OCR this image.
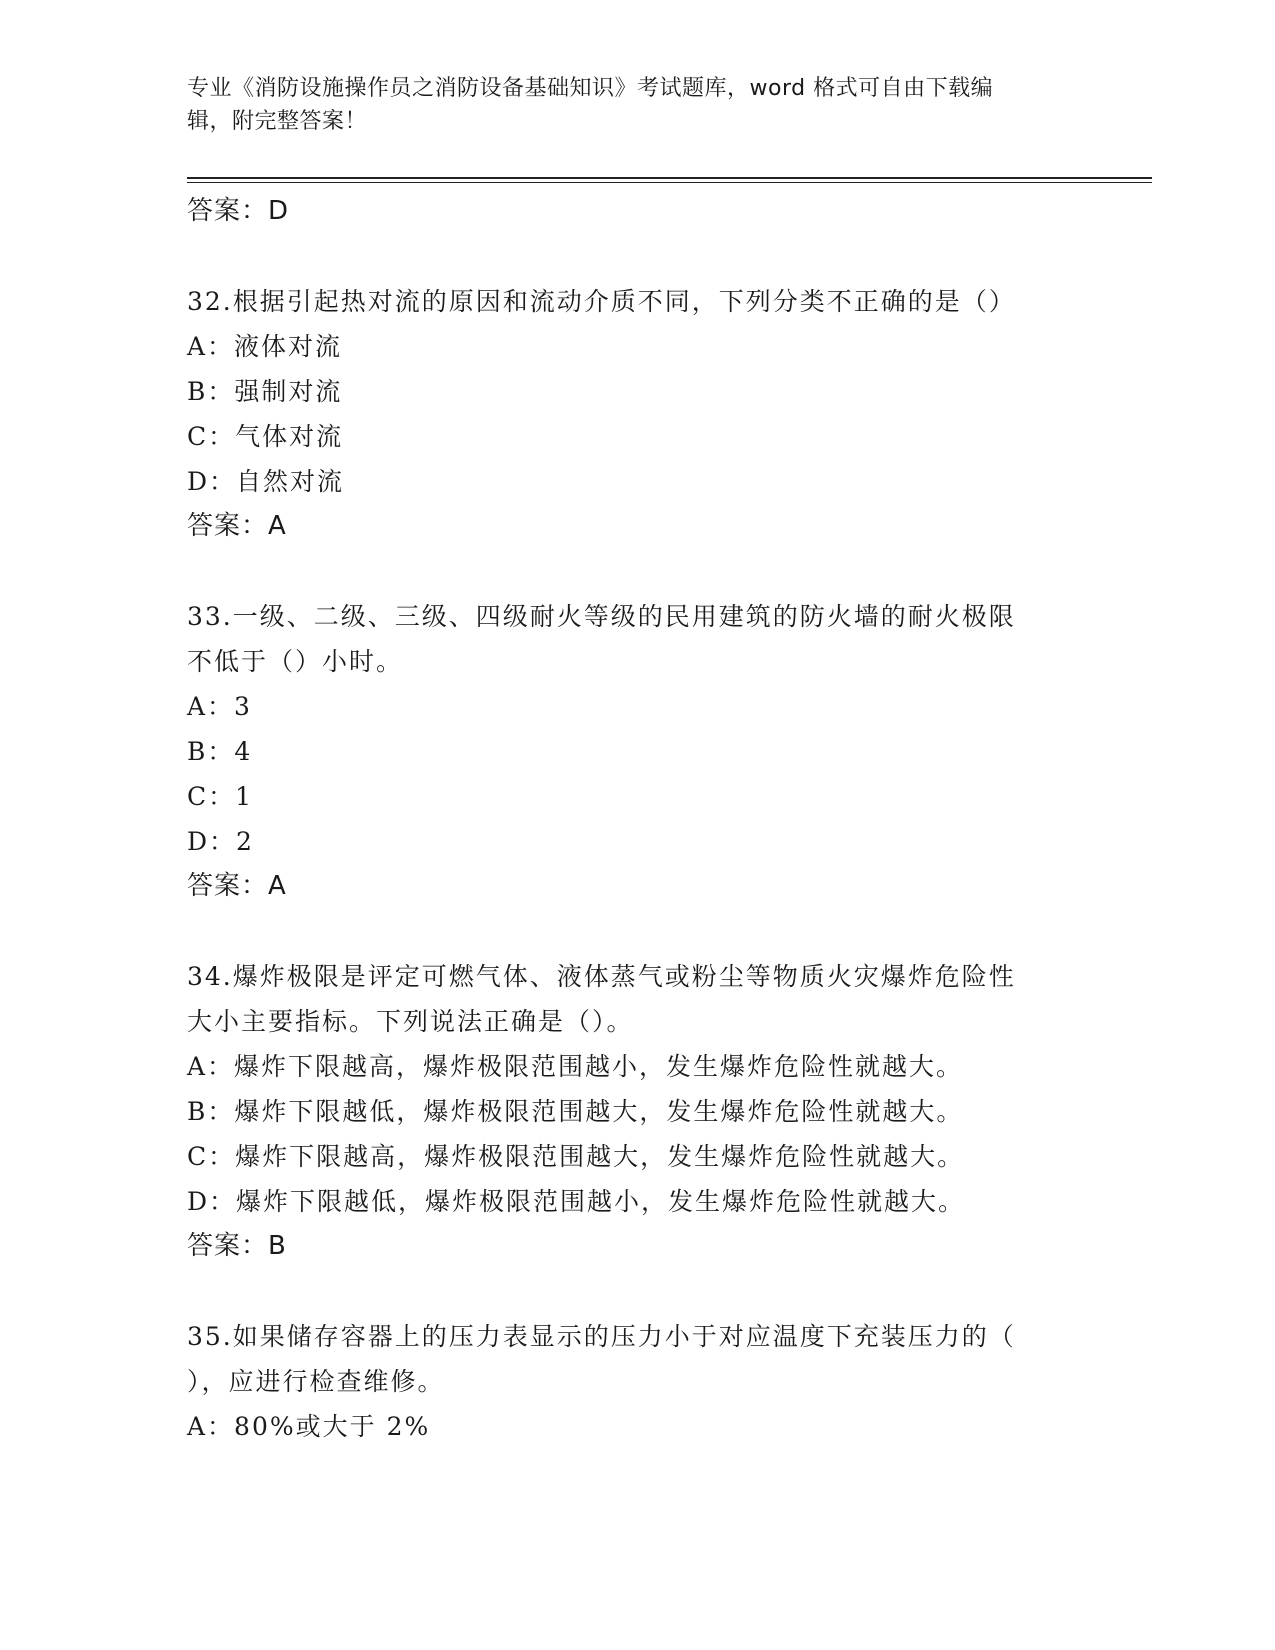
专业《消防设施操作员之消防设备基础知识》考试题库，word 格式可自由下载编
辑，附完整答案！
答案：D
32.根据引起热对流的原因和流动介质不同，下列分类不正确的是（）
A：液体对流
B：强制对流
C：气体对流
D：自然对流
答案：A
33.一级、二级、三级、四级耐火等级的民用建筑的防火墙的耐火极限
不低于（）小时。
A：3
B：4
C：1
D：2
答案：A
34.爆炸极限是评定可燃气体、液体蒸气或粉尘等物质火灾爆炸危险性
大小主要指标。下列说法正确是（）。
A：爆炸下限越高，爆炸极限范围越小，发生爆炸危险性就越大。
B：爆炸下限越低，爆炸极限范围越大，发生爆炸危险性就越大。
C：爆炸下限越高，爆炸极限范围越大，发生爆炸危险性就越大。
D：爆炸下限越低，爆炸极限范围越小，发生爆炸危险性就越大。
答案：B
35.如果储存容器上的压力表显示的压力小于对应温度下充装压力的（
），应进行检查维修。
A：80%或大于 2%
